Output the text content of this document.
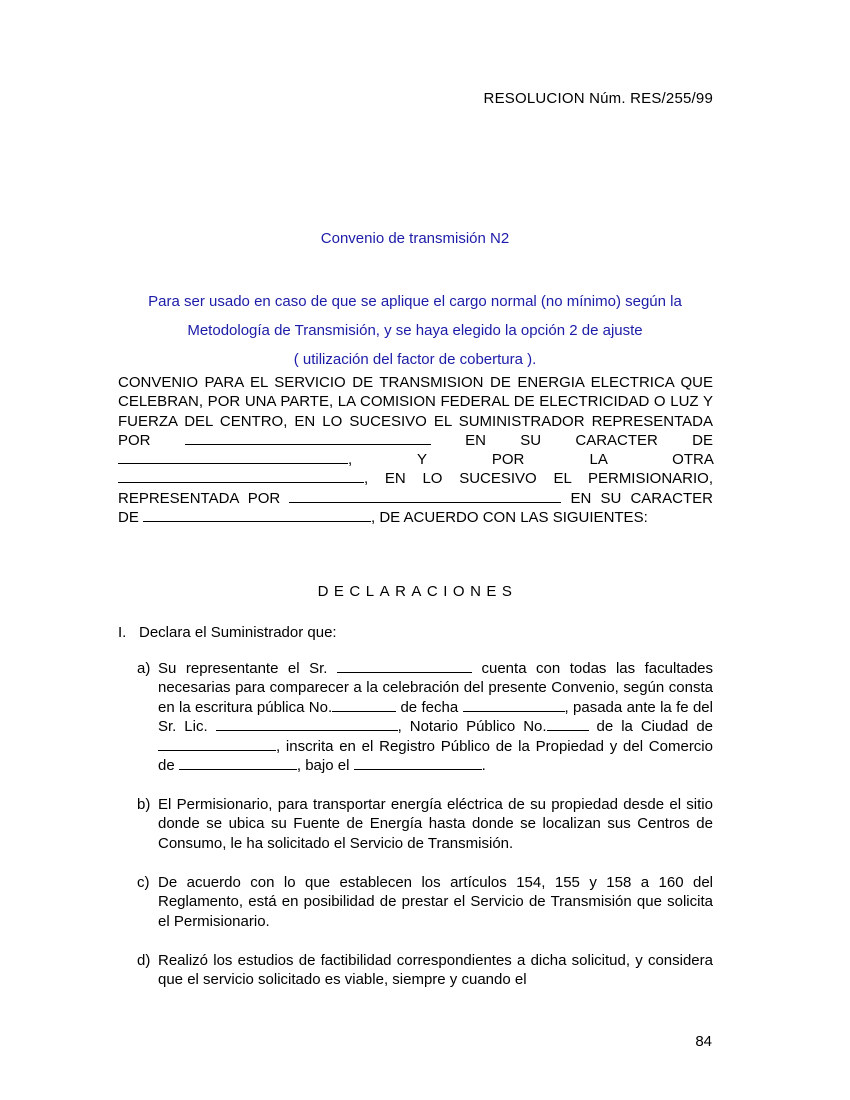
RESOLUCION Núm. RES/255/99
Convenio de transmisión N2
Para ser usado en caso de que se aplique el cargo normal (no mínimo) según la
Metodología de Transmisión, y se haya elegido la opción 2 de ajuste
( utilización del factor de cobertura ).
CONVENIO PARA EL SERVICIO DE TRANSMISION DE ENERGIA ELECTRICA QUE CELEBRAN, POR UNA PARTE, LA COMISION FEDERAL DE ELECTRICIDAD O LUZ Y FUERZA DEL CENTRO, EN LO SUCESIVO EL SUMINISTRADOR REPRESENTADA POR	EN SU CARACTER DE , Y POR LA OTRA , EN LO SUCESIVO EL PERMISIONARIO, REPRESENTADA POR	EN SU CARACTER DE	, DE ACUERDO CON LAS SIGUIENTES:
DECLARACIONES
I. Declara el Suministrador que:
a) Su representante el Sr.	cuenta con todas las facultades necesarias para comparecer a la celebración del presente Convenio, según consta en la escritura pública No.	de fecha	, pasada ante la fe del Sr. Lic.	, Notario Público No.	de la Ciudad de , inscrita en el Registro Público de la Propiedad y del Comercio de	, bajo el	.
b) El Permisionario, para transportar energía eléctrica de su propiedad desde el sitio donde se ubica su Fuente de Energía hasta donde se localizan sus Centros de Consumo, le ha solicitado el Servicio de Transmisión.
c) De acuerdo con lo que establecen los artículos 154, 155 y 158 a 160 del Reglamento, está en posibilidad de prestar el Servicio de Transmisión que solicita el Permisionario.
d) Realizó los estudios de factibilidad correspondientes a dicha solicitud, y considera que el servicio solicitado es viable, siempre y cuando el
84
